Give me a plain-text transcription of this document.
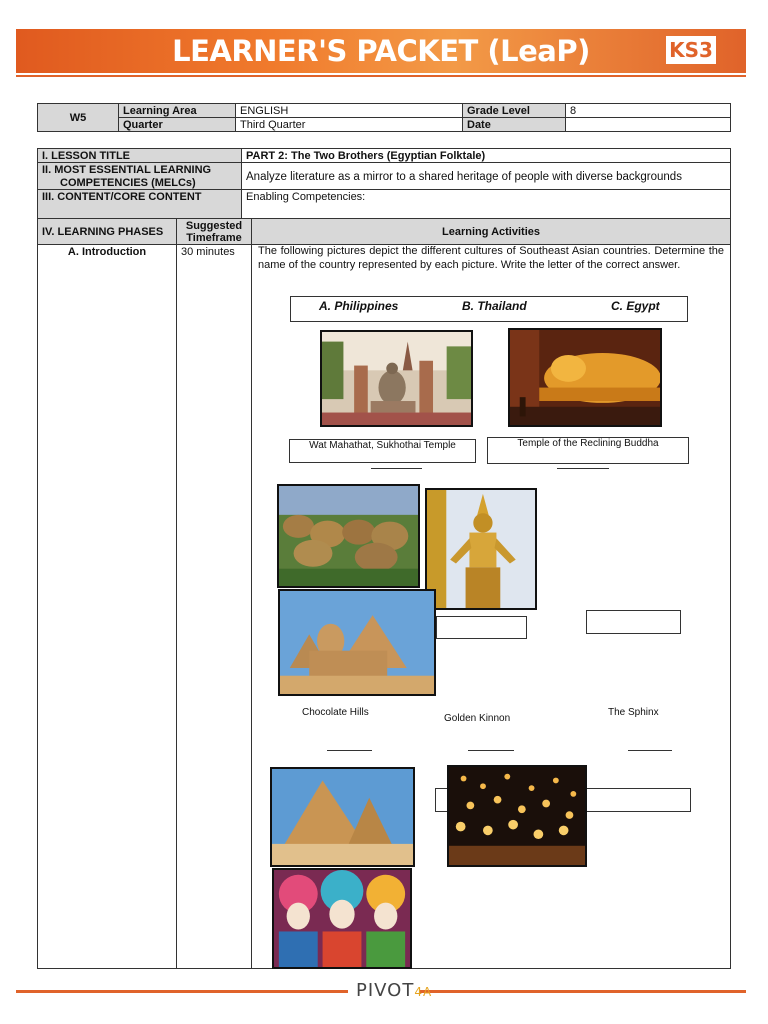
LEARNER'S PACKET (LeaP)	KS3
W5
Learning Area	ENGLISH	Grade Level	8
Quarter	Third Quarter	Date
I. LESSON TITLE	PART 2: The Two Brothers (Egyptian Folktale)
II. MOST ESSENTIAL LEARNING
COMPETENCIES (MELCs)	Analyze literature as a mirror to a shared heritage of people with diverse backgrounds
III. CONTENT/CORE CONTENT	Enabling Competencies:
IV. LEARNING PHASES	Suggested
Timeframe	Learning Activities
A. Introduction	30 minutes	The following pictures depict the different cultures of Southeast Asian countries. Determine the name of the country represented by each picture. Write the letter of the correct answer.
A. Philippines	B. Thailand	C. Egypt
Wat Mahathat, Sukhothai Temple	Temple of the Reclining Buddha
Chocolate Hills
Golden Kinnon
The Sphinx
PIVOT4A
